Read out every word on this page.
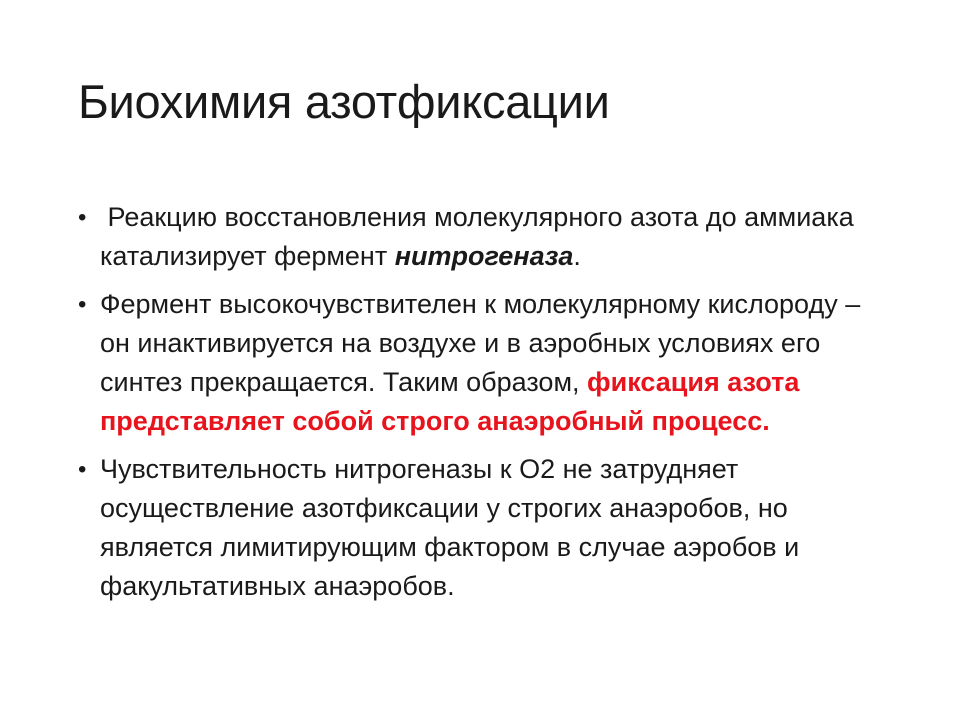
Биохимия азотфиксации
• Реакцию восстановления молекулярного азота до аммиака катализирует фермент нитрогеназа.
• Фермент высокочувствителен к молекулярному кислороду – он инактивируется на воздухе и в аэробных условиях его синтез прекращается. Таким образом, фиксация азота представляет собой строго анаэробный процесс.
• Чувствительность нитрогеназы к О2 не затрудняет осуществление азотфиксации у строгих анаэробов, но является лимитирующим фактором в случае аэробов и факультативных анаэробов.
